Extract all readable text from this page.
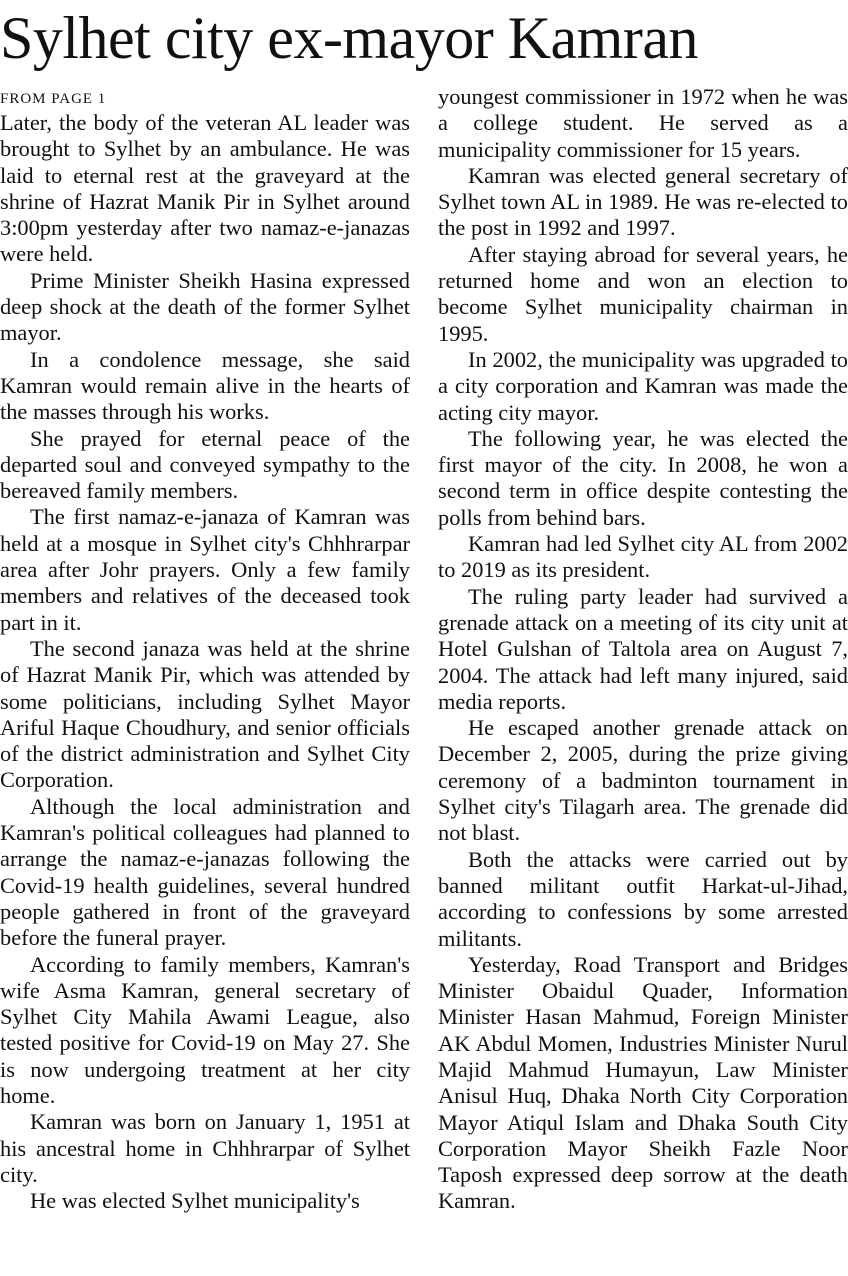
Sylhet city ex-mayor Kamran

FROM PAGE 1

Later, the body of the veteran AL leader was brought to Sylhet by an ambulance. He was laid to eternal rest at the graveyard at the shrine of Hazrat Manik Pir in Sylhet around 3:00pm yesterday after two namaz-e-janazas were held.

Prime Minister Sheikh Hasina expressed deep shock at the death of the former Sylhet mayor.

In a condolence message, she said Kamran would remain alive in the hearts of the masses through his works.

She prayed for eternal peace of the departed soul and conveyed sympathy to the bereaved family members.

The first namaz-e-janaza of Kamran was held at a mosque in Sylhet city's Chhhrarpar area after Johr prayers. Only a few family members and relatives of the deceased took part in it.

The second janaza was held at the shrine of Hazrat Manik Pir, which was attended by some politicians, including Sylhet Mayor Ariful Haque Choudhury, and senior officials of the district administration and Sylhet City Corporation.

Although the local administration and Kamran's political colleagues had planned to arrange the namaz-e-janazas following the Covid-19 health guidelines, several hundred people gathered in front of the graveyard before the funeral prayer.

According to family members, Kamran's wife Asma Kamran, general secretary of Sylhet City Mahila Awami League, also tested positive for Covid-19 on May 27. She is now undergoing treatment at her city home.

Kamran was born on January 1, 1951 at his ancestral home in Chhhrarpar of Sylhet city.

He was elected Sylhet municipality's

youngest commissioner in 1972 when he was a college student. He served as a municipality commissioner for 15 years.

Kamran was elected general secretary of Sylhet town AL in 1989. He was re-elected to the post in 1992 and 1997.

After staying abroad for several years, he returned home and won an election to become Sylhet municipality chairman in 1995.

In 2002, the municipality was upgraded to a city corporation and Kamran was made the acting city mayor.

The following year, he was elected the first mayor of the city. In 2008, he won a second term in office despite contesting the polls from behind bars.

Kamran had led Sylhet city AL from 2002 to 2019 as its president.

The ruling party leader had survived a grenade attack on a meeting of its city unit at Hotel Gulshan of Taltola area on August 7, 2004. The attack had left many injured, said media reports.

He escaped another grenade attack on December 2, 2005, during the prize giving ceremony of a badminton tournament in Sylhet city's Tilagarh area. The grenade did not blast.

Both the attacks were carried out by banned militant outfit Harkat-ul-Jihad, according to confessions by some arrested militants.

Yesterday, Road Transport and Bridges Minister Obaidul Quader, Information Minister Hasan Mahmud, Foreign Minister AK Abdul Momen, Industries Minister Nurul Majid Mahmud Humayun, Law Minister Anisul Huq, Dhaka North City Corporation Mayor Atiqul Islam and Dhaka South City Corporation Mayor Sheikh Fazle Noor Taposh expressed deep sorrow at the death Kamran.
